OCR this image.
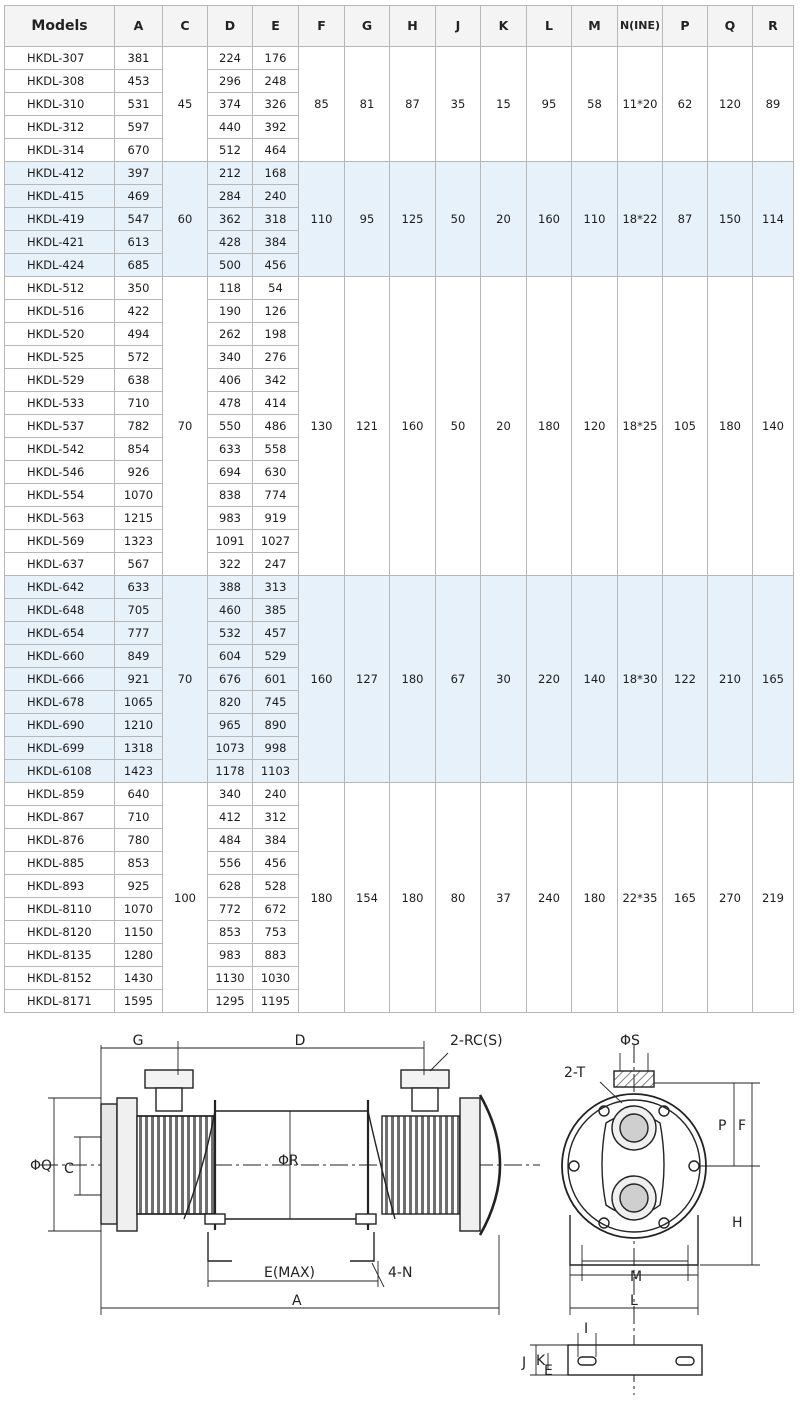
Models	A	C	D	E	F	G	H	J	K	L	M	N(INE)	P	Q	R
HKDL-307	381	45	224	176	85	81	87	35	15	95	58	11*20	62	120	89
HKDL-308	453		296	248											
HKDL-310	531		374	326											
HKDL-312	597		440	392											
HKDL-314	670		512	464											
HKDL-412	397	60	212	168	110	95	125	50	20	160	110	18*22	87	150	114
HKDL-415	469		284	240											
HKDL-419	547		362	318											
HKDL-421	613		428	384											
HKDL-424	685		500	456											
HKDL-512	350	70	118	54	130	121	160	50	20	180	120	18*25	105	180	140
HKDL-516	422		190	126											
HKDL-520	494		262	198											
HKDL-525	572		340	276											
HKDL-529	638		406	342											
HKDL-533	710		478	414											
HKDL-537	782		550	486											
HKDL-542	854		633	558											
HKDL-546	926		694	630											
HKDL-554	1070		838	774											
HKDL-563	1215		983	919											
HKDL-569	1323		1091	1027											
HKDL-637	567		322	247											
HKDL-642	633	70	388	313	160	127	180	67	30	220	140	18*30	122	210	165
HKDL-648	705		460	385											
HKDL-654	777		532	457											
HKDL-660	849		604	529											
HKDL-666	921		676	601											
HKDL-678	1065		820	745											
HKDL-690	1210		965	890											
HKDL-699	1318		1073	998											
HKDL-6108	1423		1178	1103											
HKDL-859	640	100	340	240	180	154	180	80	37	240	180	22*35	165	270	219
HKDL-867	710		412	312											
HKDL-876	780		484	384											
HKDL-885	853		556	456											
HKDL-893	925		628	528											
HKDL-8110	1070		772	672											
HKDL-8120	1150		853	753											
HKDL-8135	1280		983	883											
HKDL-8152	1430		1130	1030											
HKDL-8171	1595		1295	1195											
G	D	2-RC(S)	ΦS
2-T
ΦQ C	ΦR
E(MAX)	4-N
A
P F
H
M
L
I
J K
E
